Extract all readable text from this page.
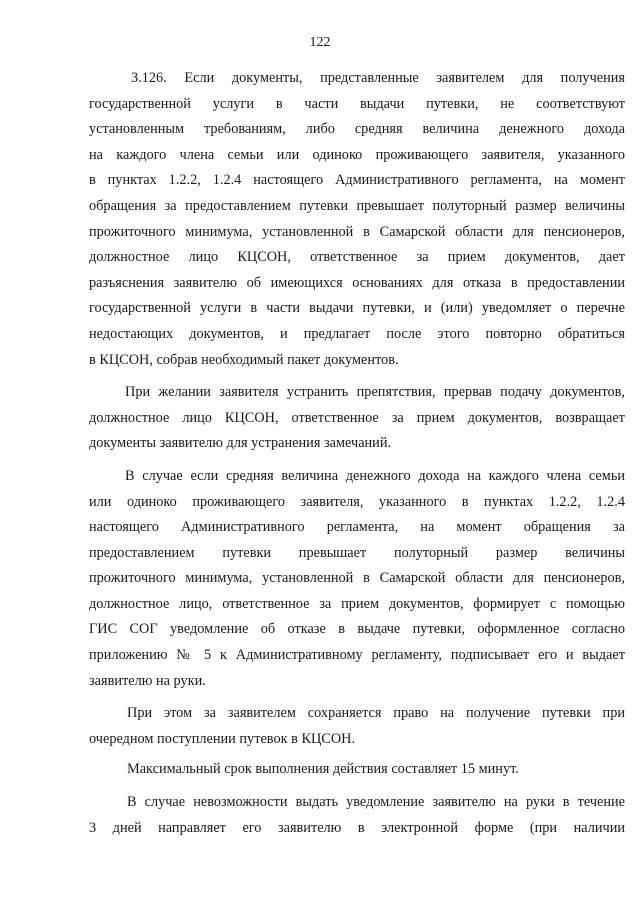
122
3.126. Если документы, представленные заявителем для получения
государственной услуги в части выдачи путевки, не соответствуют
установленным требованиям, либо средняя величина денежного дохода
на каждого члена семьи или одиноко проживающего заявителя, указанного
в пунктах 1.2.2, 1.2.4 настоящего Административного регламента, на момент
обращения за предоставлением путевки превышает полуторный размер величины
прожиточного минимума, установленной в Самарской области для пенсионеров,
должностное лицо КЦСОН, ответственное за прием документов, дает
разъяснения заявителю об имеющихся основаниях для отказа в предоставлении
государственной услуги в части выдачи путевки, и (или) уведомляет о перечне
недостающих документов, и предлагает после этого повторно обратиться
в КЦСОН, собрав необходимый пакет документов.
При желании заявителя устранить препятствия, прервав подачу документов,
должностное лицо КЦСОН, ответственное за прием документов, возвращает
документы заявителю для устранения замечаний.
В случае если средняя величина денежного дохода на каждого члена семьи
или одиноко проживающего заявителя, указанного в пунктах 1.2.2, 1.2.4
настоящего Административного регламента, на момент обращения за
предоставлением путевки превышает полуторный размер величины
прожиточного минимума, установленной в Самарской области для пенсионеров,
должностное лицо, ответственное за прием документов, формирует с помощью
ГИС СОГ уведомление об отказе в выдаче путевки, оформленное согласно
приложению № 5 к Административному регламенту, подписывает его и выдает
заявителю на руки.
При этом за заявителем сохраняется право на получение путевки при
очередном поступлении путевок в КЦСОН.
Максимальный срок выполнения действия составляет 15 минут.
В случае невозможности выдать уведомление заявителю на руки в течение
3 дней направляет его заявителю в электронной форме (при наличии
